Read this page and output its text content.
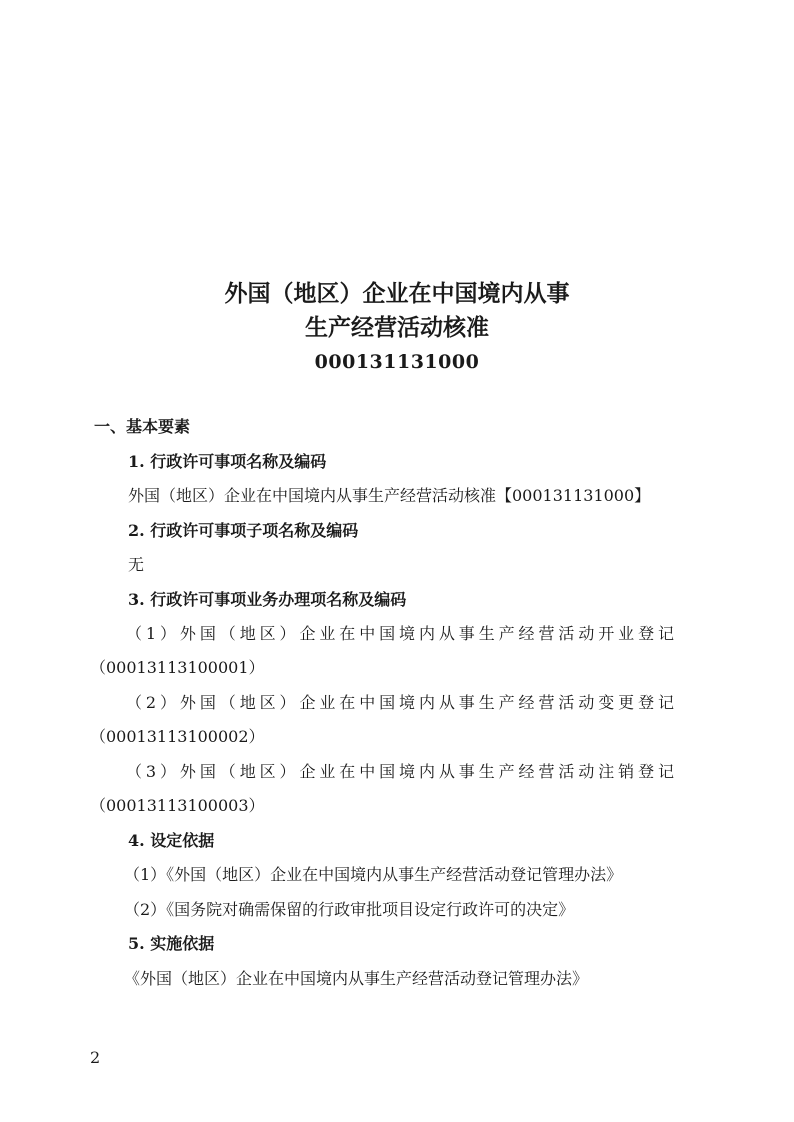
外国（地区）企业在中国境内从事
生产经营活动核准
000131131000
一、基本要素
1. 行政许可事项名称及编码
外国（地区）企业在中国境内从事生产经营活动核准【000131131000】
2. 行政许可事项子项名称及编码
无
3. 行政许可事项业务办理项名称及编码
（1）外国（地区）企业在中国境内从事生产经营活动开业登记
（00013113100001）
（2）外国（地区）企业在中国境内从事生产经营活动变更登记
（00013113100002）
（3）外国（地区）企业在中国境内从事生产经营活动注销登记
（00013113100003）
4. 设定依据
（1）《外国（地区）企业在中国境内从事生产经营活动登记管理办法》
（2）《国务院对确需保留的行政审批项目设定行政许可的决定》
5. 实施依据
《外国（地区）企业在中国境内从事生产经营活动登记管理办法》
2
